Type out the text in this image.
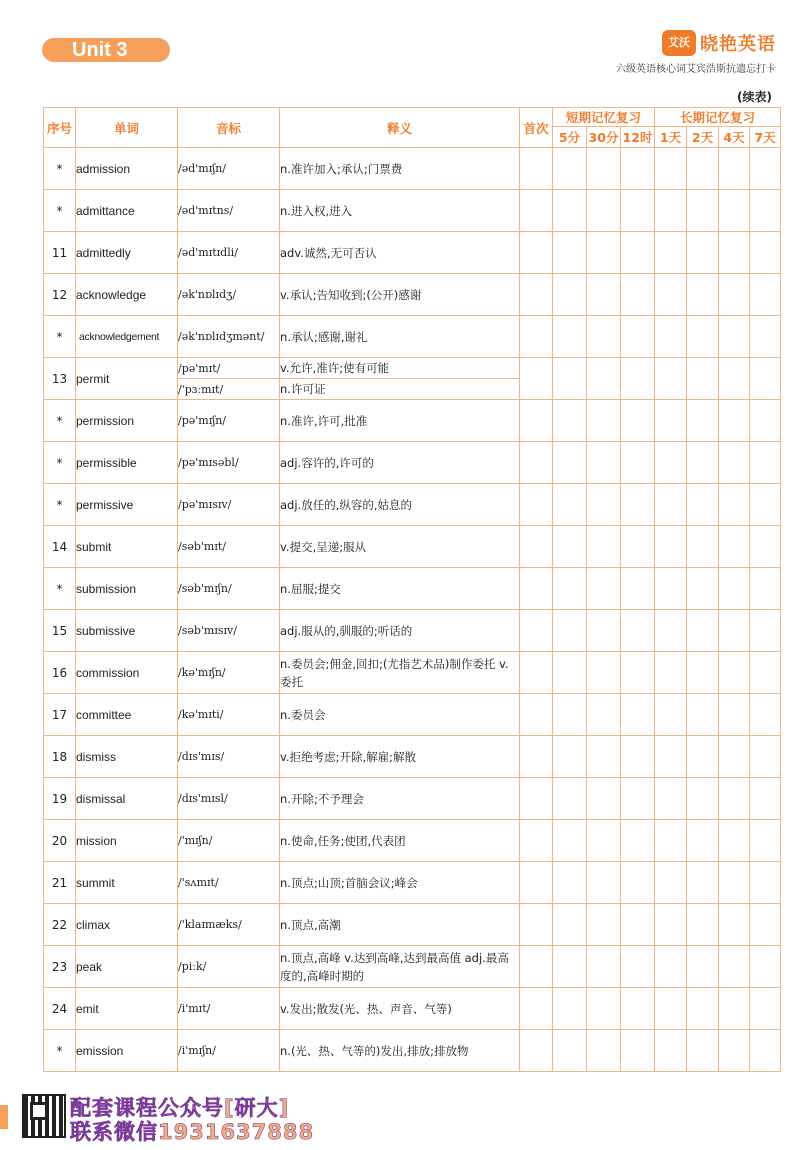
Unit 3	艾沃 晓艳英语
六级英语核心词艾宾浩斯抗遗忘打卡
(续表)
序号	单词	音标	释义	首次	短期记忆复习			长期记忆复习			
					5分	30分	12时	1天	2天	4天	7天
*	admission	/əd'mɪʃn/	n.准许加入;承认;门票费								
*	admittance	/əd'mɪtns/	n.进入权,进入								
11	admittedly	/əd'mɪtɪdli/	adv.诚然,无可否认								
12	acknowledge	/ək'nɒlɪdʒ/	v.承认;告知收到;(公开)感谢								
*	acknowledgement	/ək'nɒlɪdʒmənt/	n.承认;感谢,谢礼								
13	permit	/pə'mɪt/	v.允许,准许;使有可能								
		/'pɜːmɪt/	n.许可证								
*	permission	/pə'mɪʃn/	n.准许,许可,批准								
*	permissible	/pə'mɪsəbl/	adj.容许的,许可的								
*	permissive	/pə'mɪsɪv/	adj.放任的,纵容的,姑息的								
14	submit	/səb'mɪt/	v.提交,呈递;服从								
*	submission	/səb'mɪʃn/	n.屈服;提交								
15	submissive	/səb'mɪsɪv/	adj.服从的,驯服的;听话的								
16	commission	/kə'mɪʃn/	n.委员会;佣金,回扣;(尤指艺术品)制作委托 v.委托								
17	committee	/kə'mɪti/	n.委员会								
18	dismiss	/dɪs'mɪs/	v.拒绝考虑;开除,解雇;解散								
19	dismissal	/dɪs'mɪsl/	n.开除;不予理会								
20	mission	/'mɪʃn/	n.使命,任务;使团,代表团								
21	summit	/'sʌmɪt/	n.顶点;山顶;首脑会议;峰会								
22	climax	/'klaɪmæks/	n.顶点,高潮								
23	peak	/piːk/	n.顶点,高峰 v.达到高峰,达到最高值 adj.最高度的,高峰时期的								
24	emit	/i'mɪt/	v.发出;散发(光、热、声音、气等)								
*	emission	/i'mɪʃn/	n.(光、热、气等的)发出,排放;排放物								
配套课程公众号[研大]
联系微信1931637888
